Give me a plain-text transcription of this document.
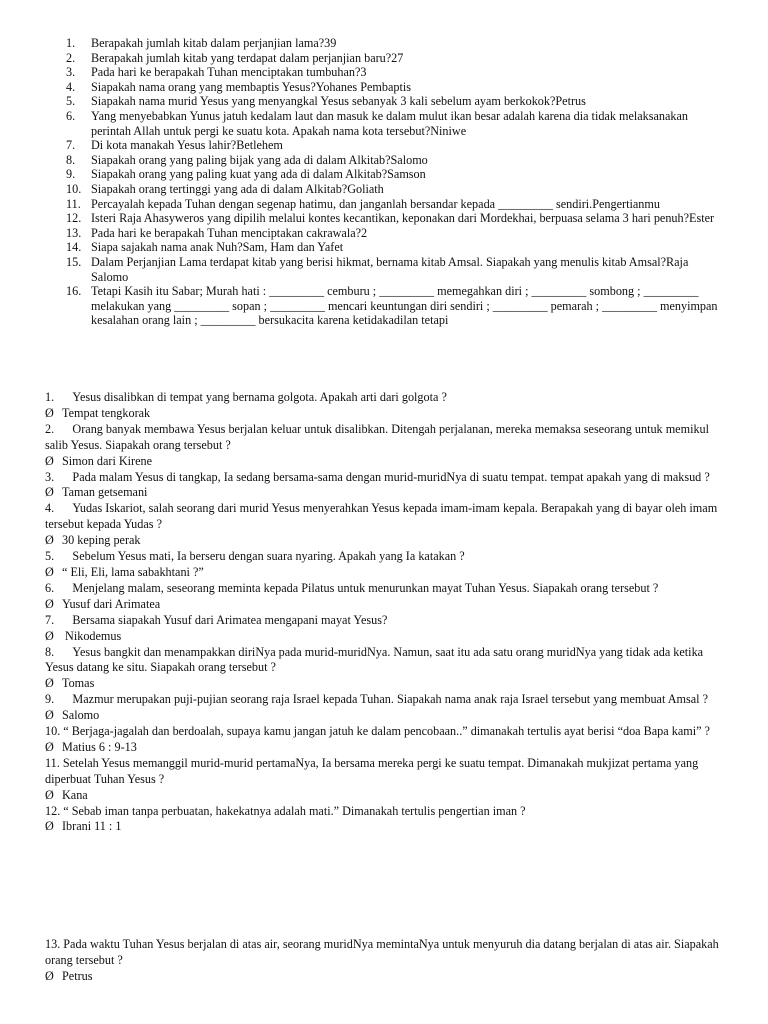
1.	Berapakah jumlah kitab dalam perjanjian lama?39
2.	Berapakah jumlah kitab yang terdapat dalam perjanjian baru?27
3.	Pada hari ke berapakah Tuhan menciptakan tumbuhan?3
4.	Siapakah nama orang yang membaptis Yesus?Yohanes Pembaptis
5.	Siapakah nama murid Yesus yang menyangkal Yesus sebanyak 3 kali sebelum ayam berkokok?Petrus
6.	Yang menyebabkan Yunus jatuh kedalam laut dan masuk ke dalam mulut ikan besar adalah karena dia tidak melaksanakan perintah Allah untuk pergi ke suatu kota. Apakah nama kota tersebut?Niniwe
7.	Di kota manakah Yesus lahir?Betlehem
8.	Siapakah orang yang paling bijak yang ada di dalam Alkitab?Salomo
9.	Siapakah orang yang paling kuat yang ada di dalam Alkitab?Samson
10. Siapakah orang tertinggi yang ada di dalam Alkitab?Goliath
11. Percayalah kepada Tuhan dengan segenap hatimu, dan janganlah bersandar kepada _________ sendiri.Pengertianmu
12. Isteri Raja Ahasyweros yang dipilih melalui kontes kecantikan, keponakan dari Mordekhai, berpuasa selama 3 hari penuh?Ester
13. Pada hari ke berapakah Tuhan menciptakan cakrawala?2
14. Siapa sajakah nama anak Nuh?Sam, Ham dan Yafet
15. Dalam Perjanjian Lama terdapat kitab yang berisi hikmat, bernama kitab Amsal. Siapakah yang menulis kitab Amsal?Raja Salomo
16. Tetapi Kasih itu Sabar; Murah hati : _________ cemburu ; _________ memegahkan diri ; _________ sombong ; _________ melakukan yang _________ sopan ; _________ mencari keuntungan diri sendiri ; _________ pemarah ; _________ menyimpan kesalahan orang lain ; _________ bersukacita karena ketidakadilan tetapi
1. Yesus disalibkan di tempat yang bernama golgota. Apakah arti dari golgota ?
Ø Tempat tengkorak
2. Orang banyak membawa Yesus berjalan keluar untuk disalibkan. Ditengah perjalanan, mereka memaksa seseorang untuk memikul salib Yesus. Siapakah orang tersebut ?
Ø Simon dari Kirene
3. Pada malam Yesus di tangkap, Ia sedang bersama-sama dengan murid-muridNya di suatu tempat. tempat apakah yang di maksud ?
Ø Taman getsemani
4. Yudas Iskariot, salah seorang dari murid Yesus menyerahkan Yesus kepada imam-imam kepala. Berapakah yang di bayar oleh imam tersebut kepada Yudas ?
Ø 30 keping perak
5. Sebelum Yesus mati, Ia berseru dengan suara nyaring. Apakah yang Ia katakan ?
Ø “ Eli, Eli, lama sabakhtani ?”
6. Menjelang malam, seseorang meminta kepada Pilatus untuk menurunkan mayat Tuhan Yesus. Siapakah orang tersebut ?
Ø Yusuf dari Arimatea
7. Bersama siapakah Yusuf dari Arimatea mengapani mayat Yesus?
Ø Nikodemus
8. Yesus bangkit dan menampakkan diriNya pada murid-muridNya. Namun, saat itu ada satu orang muridNya yang tidak ada ketika Yesus datang ke situ. Siapakah orang tersebut ?
Ø Tomas
9. Mazmur merupakan puji-pujian seorang raja Israel kepada Tuhan. Siapakah nama anak raja Israel tersebut yang membuat Amsal ?
Ø Salomo
10. “ Berjaga-jagalah dan berdoalah, supaya kamu jangan jatuh ke dalam pencobaan..” dimanakah tertulis ayat berisi “doa Bapa kami” ?
Ø Matius 6 : 9-13
11. Setelah Yesus memanggil murid-murid pertamaNya, Ia bersama mereka pergi ke suatu tempat. Dimanakah mukjizat pertama yang diperbuat Tuhan Yesus ?
Ø Kana
12. “ Sebab iman tanpa perbuatan, hakekatnya adalah mati.” Dimanakah tertulis pengertian iman ?
Ø Ibrani 11 : 1
13. Pada waktu Tuhan Yesus berjalan di atas air, seorang muridNya memintaNya untuk menyuruh dia datang berjalan di atas air. Siapakah orang tersebut ?
Ø Petrus
